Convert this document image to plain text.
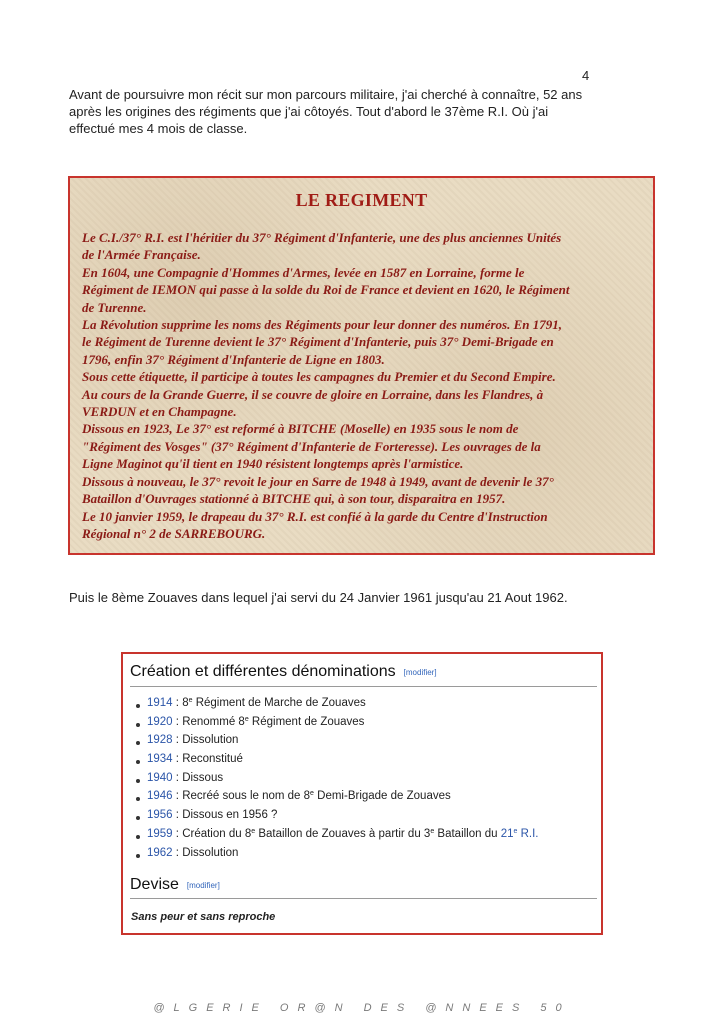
4
Avant de poursuivre mon récit sur mon parcours militaire, j'ai cherché à connaître, 52 ans
après les origines des régiments que j'ai côtoyés. Tout d'abord le 37ème R.I. Où j'ai
effectué mes 4 mois de classe.
LE REGIMENT
Le C.I./37° R.I. est l'héritier du 37° Régiment d'Infanterie, une des plus anciennes Unités
de l'Armée Française.
En 1604, une Compagnie d'Hommes d'Armes, levée en 1587 en Lorraine, forme le
Régiment de IEMON qui passe à la solde du Roi de France et devient en 1620, le Régiment
de Turenne.
La Révolution supprime les noms des Régiments pour leur donner des numéros. En 1791,
le Régiment de Turenne devient le 37° Régiment d'Infanterie, puis 37° Demi-Brigade en
1796, enfin 37° Régiment d'Infanterie de Ligne en 1803.
Sous cette étiquette, il participe à toutes les campagnes du Premier et du Second Empire.
Au cours de la Grande Guerre, il se couvre de gloire en Lorraine, dans les Flandres, à
VERDUN et en Champagne.
Dissous en 1923, Le 37° est reformé à BITCHE (Moselle) en 1935 sous le nom de
"Régiment des Vosges" (37° Régiment d'Infanterie de Forteresse). Les ouvrages de la
Ligne Maginot qu'il tient en 1940 résistent longtemps après l'armistice.
Dissous à nouveau, le 37° revoit le jour en Sarre de 1948 à 1949, avant de devenir le 37°
Bataillon d'Ouvrages stationné à BITCHE qui, à son tour, disparaitra en 1957.
Le 10 janvier 1959, le drapeau du 37° R.I. est confié à la garde du Centre d'Instruction
Régional n° 2 de SARREBOURG.
Puis le 8ème Zouaves dans lequel j'ai servi du 24 Janvier 1961 jusqu'au 21 Aout 1962.
Création et différentes dénominations [modifier]
1914 : 8e Régiment de Marche de Zouaves
1920 : Renommé 8e Régiment de Zouaves
1928 : Dissolution
1934 : Reconstitué
1940 : Dissous
1946 : Recréé sous le nom de 8e Demi-Brigade de Zouaves
1956 : Dissous en 1956 ?
1959 : Création du 8e Bataillon de Zouaves à partir du 3e Bataillon du 21e R.I.
1962 : Dissolution
Devise [modifier]
Sans peur et sans reproche
@LGERIE OR@N DES @NNEES 50
